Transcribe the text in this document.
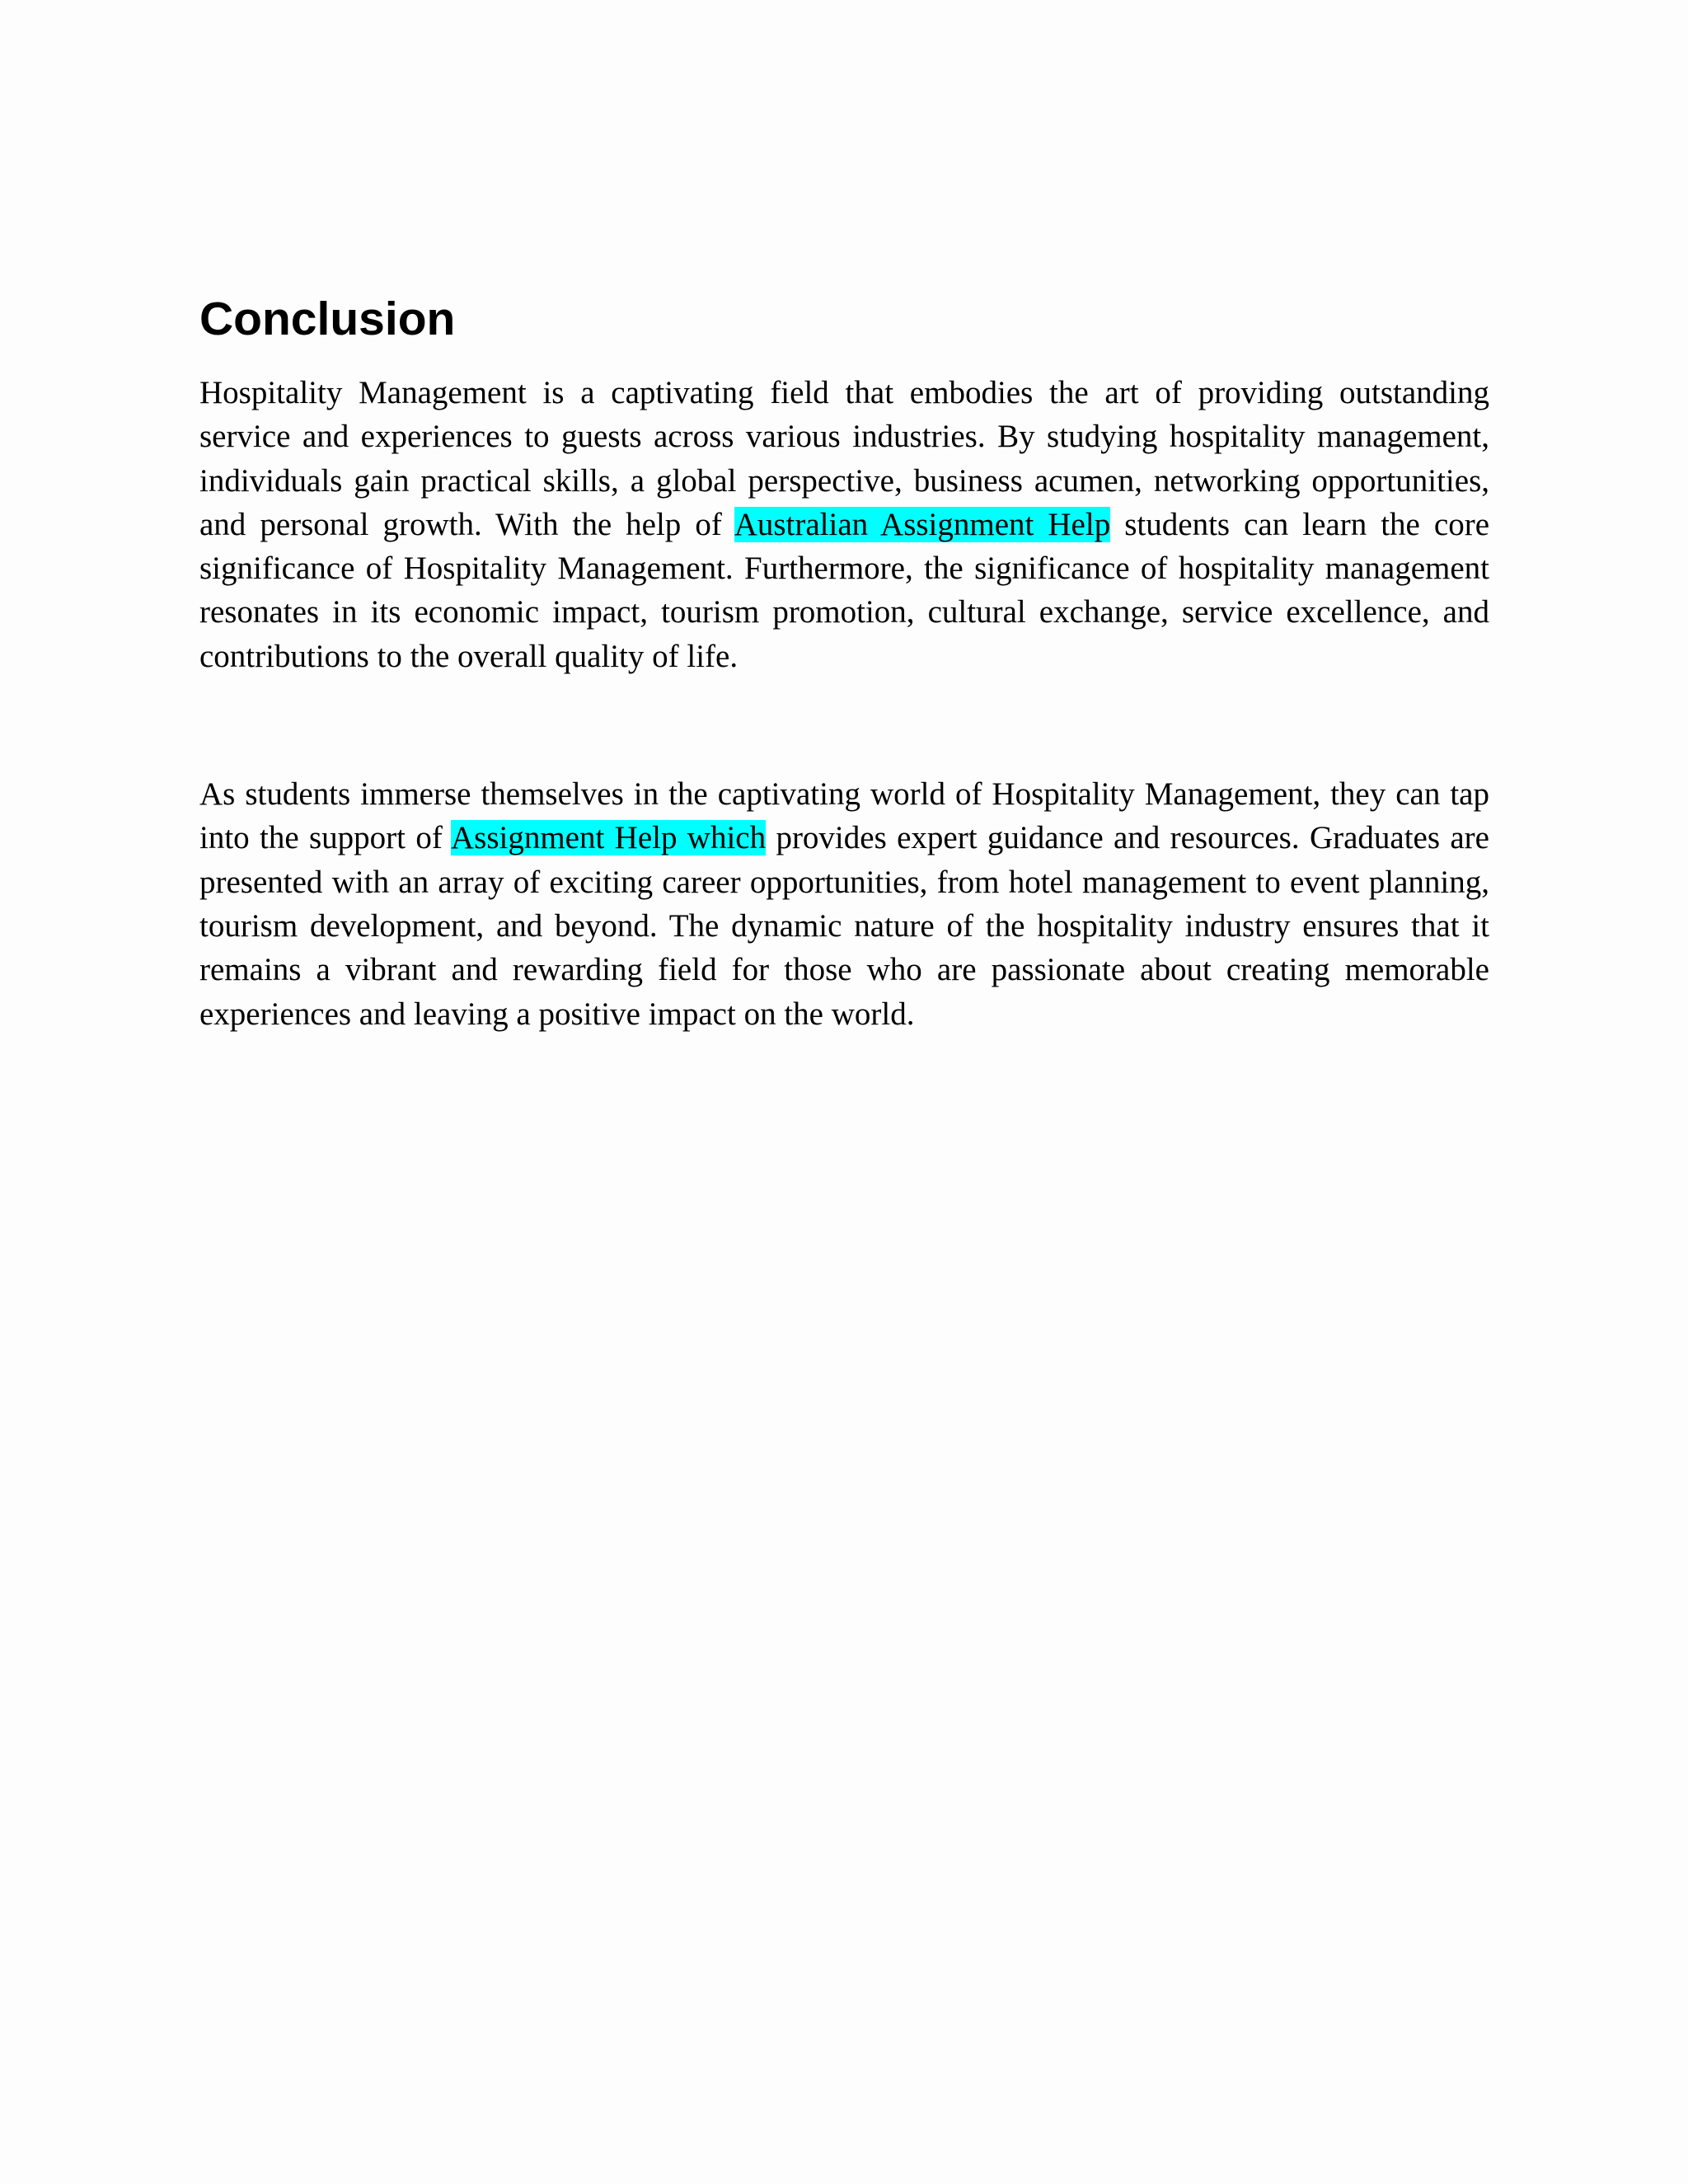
Conclusion

Hospitality Management is a captivating field that embodies the art of providing outstanding service and experiences to guests across various industries. By studying hospitality management, individuals gain practical skills, a global perspective, business acumen, networking opportunities, and personal growth. With the help of Australian Assignment Help students can learn the core significance of Hospitality Management. Furthermore, the significance of hospitality management resonates in its economic impact, tourism promotion, cultural exchange, service excellence, and contributions to the overall quality of life.

As students immerse themselves in the captivating world of Hospitality Management, they can tap into the support of Assignment Help which provides expert guidance and resources. Graduates are presented with an array of exciting career opportunities, from hotel management to event planning, tourism development, and beyond. The dynamic nature of the hospitality industry ensures that it remains a vibrant and rewarding field for those who are passionate about creating memorable experiences and leaving a positive impact on the world.
